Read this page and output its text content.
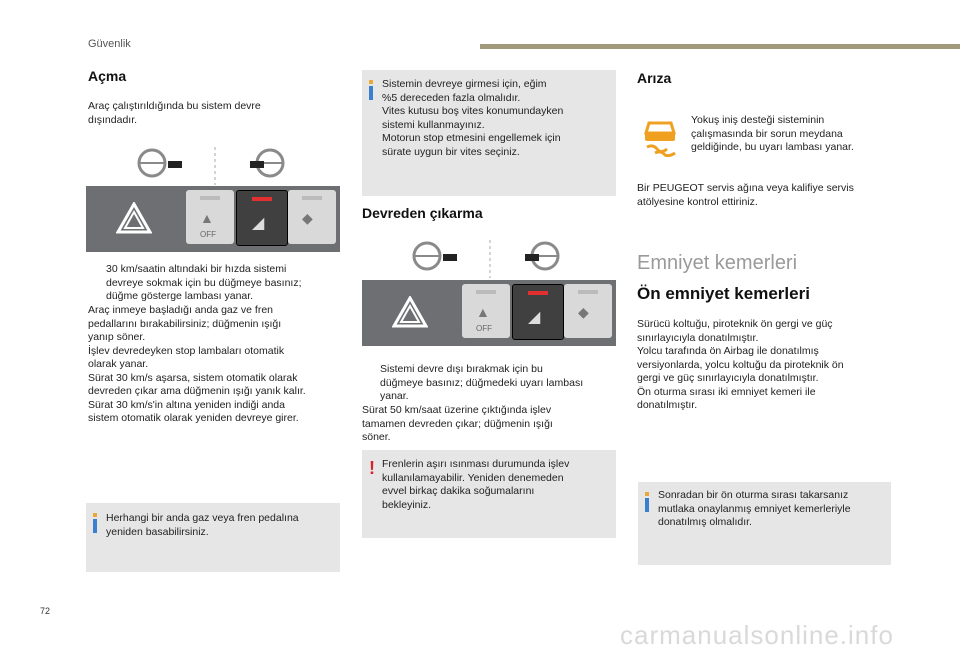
Güvenlik
Açma
Araç çalıştırıldığında bu sistem devre
dışındadır.
▲
OFF
◢	◆
30 km/saatin altındaki bir hızda sistemi
devreye sokmak için bu düğmeye basınız;
düğme gösterge lambası yanar.
Araç inmeye başladığı anda gaz ve fren
pedallarını bırakabilirsiniz; düğmenin ışığı
yanıp söner.
İşlev devredeyken stop lambaları otomatik
olarak yanar.
Sürat 30 km/s aşarsa, sistem otomatik olarak
devreden çıkar ama düğmenin ışığı yanık kalır.
Sürat 30 km/s'in altına yeniden indiği anda
sistem otomatik olarak yeniden devreye girer.
Herhangi bir anda gaz veya fren pedalına
yeniden basabilirsiniz.
Sistemin devreye girmesi için, eğim
%5 dereceden fazla olmalıdır.
Vites kutusu boş vites konumundayken
sistemi kullanmayınız.
Motorun stop etmesini engellemek için
sürate uygun bir vites seçiniz.
Devreden çıkarma
▲
OFF
◢	◆
Sistemi devre dışı bırakmak için bu
düğmeye basınız; düğmedeki uyarı lambası
yanar.
Sürat 50 km/saat üzerine çıktığında işlev
tamamen devreden çıkar; düğmenin ışığı
söner.
! Frenlerin aşırı ısınması durumunda işlev
kullanılamayabilir. Yeniden denemeden
evvel birkaç dakika soğumalarını
bekleyiniz.
Arıza
Yokuş iniş desteği sisteminin
çalışmasında bir sorun meydana
geldiğinde, bu uyarı lambası yanar.
Bir PEUGEOT servis ağına veya kalifiye servis
atölyesine kontrol ettiriniz.
Emniyet kemerleri
Ön emniyet kemerleri
Sürücü koltuğu, piroteknik ön gergi ve güç
sınırlayıcıyla donatılmıştır.
Yolcu tarafında ön Airbag ile donatılmış
versiyonlarda, yolcu koltuğu da piroteknik ön
gergi ve güç sınırlayıcıyla donatılmıştır.
Ön oturma sırası iki emniyet kemeri ile
donatılmıştır.
Sonradan bir ön oturma sırası takarsanız
mutlaka onaylanmış emniyet kemerleriyle
donatılmış olmalıdır.
72
carmanualsonline.info
